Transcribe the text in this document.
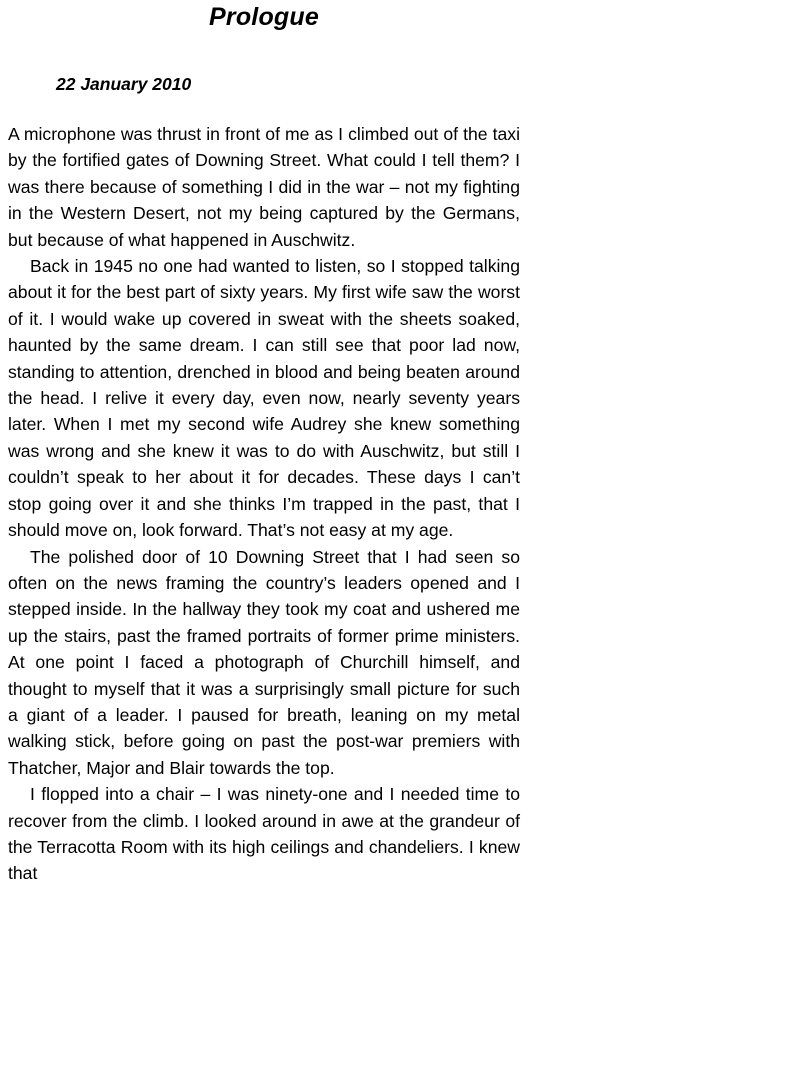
Prologue
22 January 2010

A microphone was thrust in front of me as I climbed out of the taxi by the fortified gates of Downing Street. What could I tell them? I was there because of something I did in the war – not my fighting in the Western Desert, not my being captured by the Germans, but because of what happened in Auschwitz.

Back in 1945 no one had wanted to listen, so I stopped talking about it for the best part of sixty years. My first wife saw the worst of it. I would wake up covered in sweat with the sheets soaked, haunted by the same dream. I can still see that poor lad now, standing to attention, drenched in blood and being beaten around the head. I relive it every day, even now, nearly seventy years later. When I met my second wife Audrey she knew something was wrong and she knew it was to do with Auschwitz, but still I couldn’t speak to her about it for decades. These days I can’t stop going over it and she thinks I’m trapped in the past, that I should move on, look forward. That’s not easy at my age.

The polished door of 10 Downing Street that I had seen so often on the news framing the country’s leaders opened and I stepped inside. In the hallway they took my coat and ushered me up the stairs, past the framed portraits of former prime ministers. At one point I faced a photograph of Churchill himself, and thought to myself that it was a surprisingly small picture for such a giant of a leader. I paused for breath, leaning on my metal walking stick, before going on past the post-war premiers with Thatcher, Major and Blair towards the top.

I flopped into a chair – I was ninety-one and I needed time to recover from the climb. I looked around in awe at the grandeur of the Terracotta Room with its high ceilings and chandeliers. I knew that
